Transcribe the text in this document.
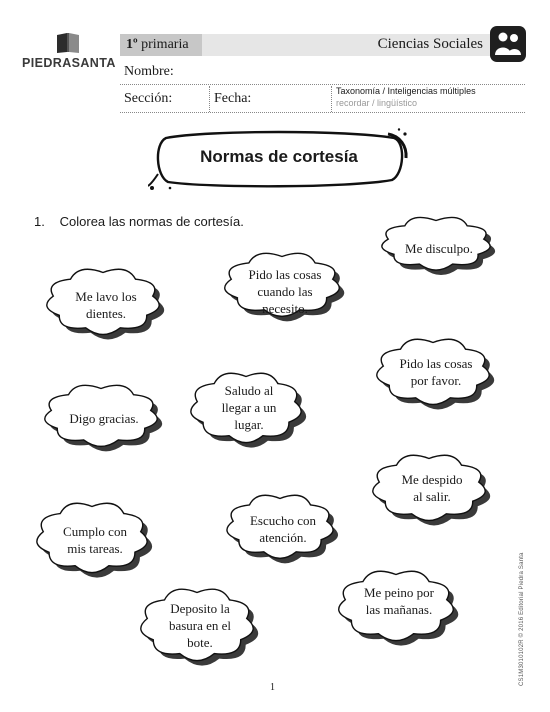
PIEDRASANTA
1º primaria	Ciencias Sociales
Nombre:
Sección:	Fecha:	Taxonomía / Inteligencias múltiples
recordar / lingüístico
Normas de cortesía
1. Colorea las normas de cortesía.
Me disculpo.
Pido las cosas
cuando las
necesito.
Me lavo los
dientes.
Pido las cosas
por favor.
Saludo al
llegar a un
lugar.
Digo gracias.
Me despido
al salir.
Escucho con
atención.
Cumplo con
mis tareas.
Me peino por
las mañanas.
Deposito la
basura en el
bote.
1
CS1M3010102R © 2016 Editorial Piedra Santa
